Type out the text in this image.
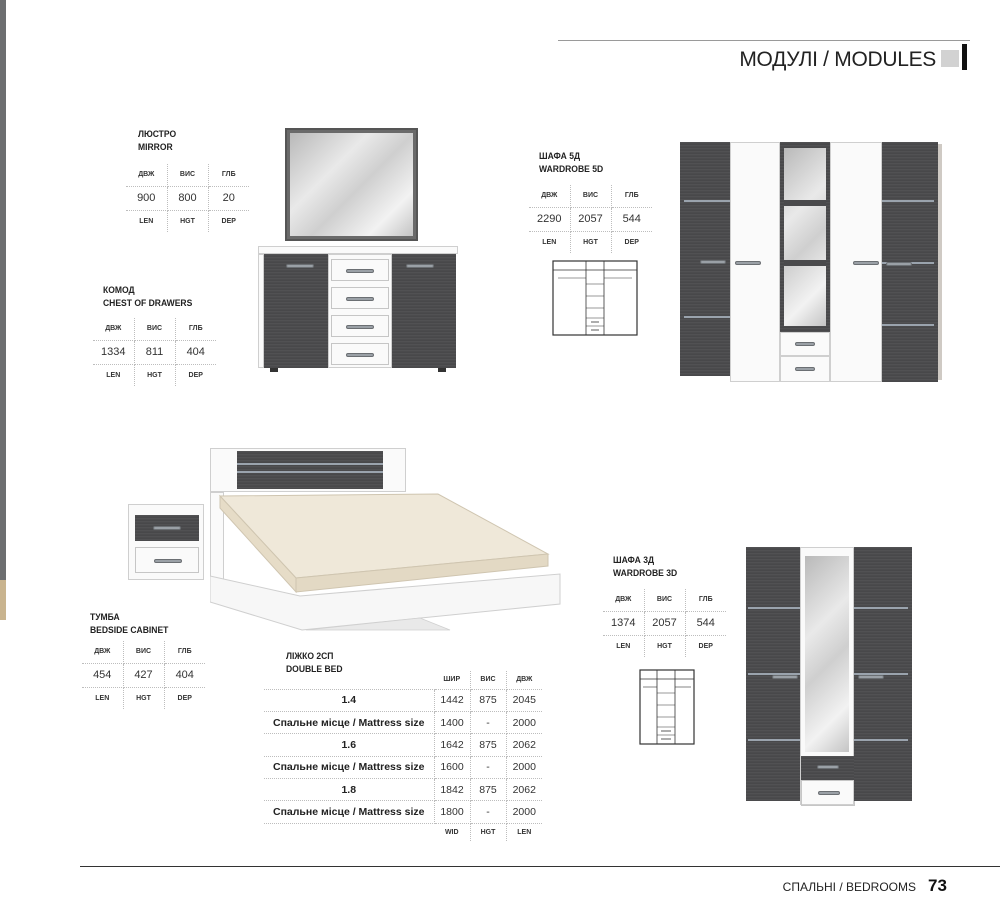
МОДУЛІ / MODULES
ЛЮСТРО
MIRROR
ДВЖ	ВИС	ГЛБ
900	800	20
LEN	HGT	DEP
КОМОД
CHEST OF DRAWERS
ДВЖ	ВИС	ГЛБ
1334	811	404
LEN	HGT	DEP
ШАФА 5Д
WARDROBE 5D
ДВЖ	ВИС	ГЛБ
2290	2057	544
LEN	HGT	DEP
ТУМБА
BEDSIDE CABINET
ДВЖ	ВИС	ГЛБ
454	427	404
LEN	HGT	DEP
ЛІЖКО 2СП
DOUBLE BED
	ШИР	ВИС	ДВЖ
1.4	1442	875	2045
Спальне місце / Mattress size	1400	-	2000
1.6	1642	875	2062
Спальне місце / Mattress size	1600	-	2000
1.8	1842	875	2062
Спальне місце / Mattress size	1800	-	2000
	WID	HGT	LEN
ШАФА 3Д
WARDROBE 3D
ДВЖ	ВИС	ГЛБ
1374	2057	544
LEN	HGT	DEP
СПАЛЬНІ / BEDROOMS 73
